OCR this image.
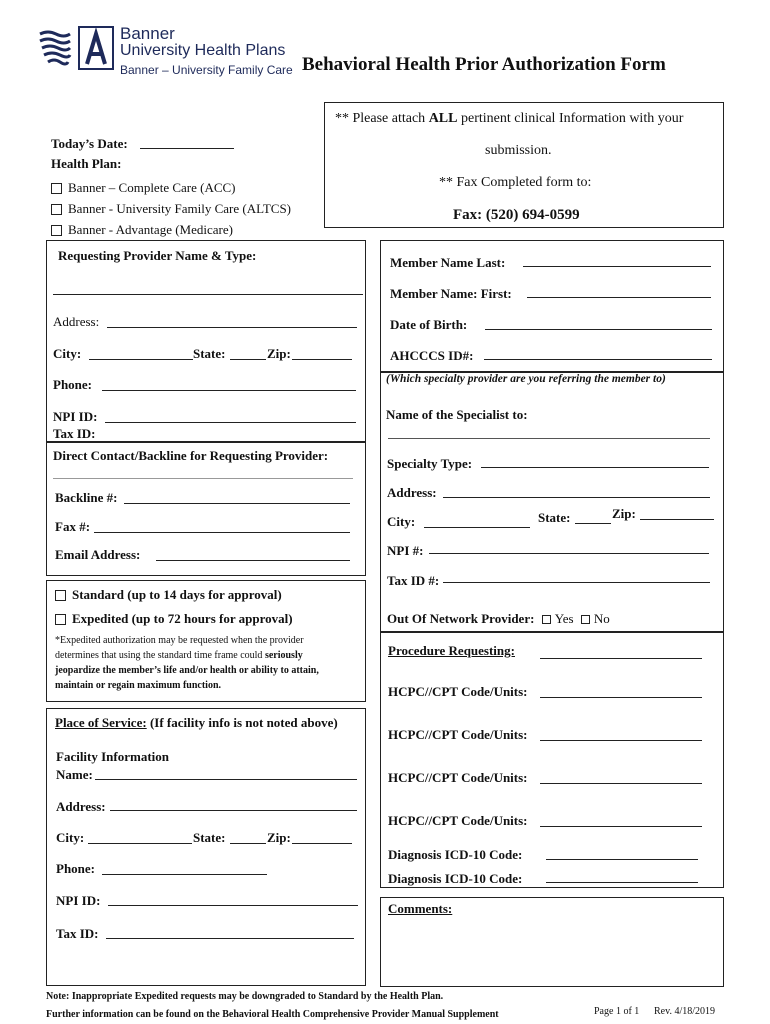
Banner
University Health Plans
Banner – University Family Care Behavioral Health Prior Authorization Form
** Please attach ALL pertinent clinical Information with your
submission.
** Fax Completed form to:
Fax: (520) 694-0599
Today’s Date:
Health Plan:
Banner – Complete Care (ACC)
Banner - University Family Care (ALTCS)
Banner - Advantage (Medicare)
Requesting Provider Name & Type:
Address:
City:	State:	Zip:
Phone:
NPI ID:
Tax ID:
Direct Contact/Backline for Requesting Provider:
Backline #:
Fax #:
Email Address:
Standard (up to 14 days for approval)
Expedited (up to 72 hours for approval)
*Expedited authorization may be requested when the provider
determines that using the standard time frame could seriously
jeopardize the member’s life and/or health or ability to attain,
maintain or regain maximum function.
Place of Service: (If facility info is not noted above)
Facility Information
Name:
Address:
City:	State:	Zip:
Phone:
NPI ID:
Tax ID:
Member Name Last:
Member Name: First:
Date of Birth:
AHCCCS ID#:
(Which specialty provider are you referring the member to)
Name of the Specialist to:
Specialty Type:
Address:
City:	State:	Zip:
NPI #:
Tax ID #:
Out Of Network Provider: Yes No
Procedure Requesting:
HCPC//CPT Code/Units:
HCPC//CPT Code/Units:
HCPC//CPT Code/Units:
HCPC//CPT Code/Units:
Diagnosis ICD-10 Code:
Diagnosis ICD-10 Code:
Comments:
Note: Inappropriate Expedited requests may be downgraded to Standard by the Health Plan.
Further information can be found on the Behavioral Health Comprehensive Provider Manual Supplement	Page 1 of 1 Rev. 4/18/2019
